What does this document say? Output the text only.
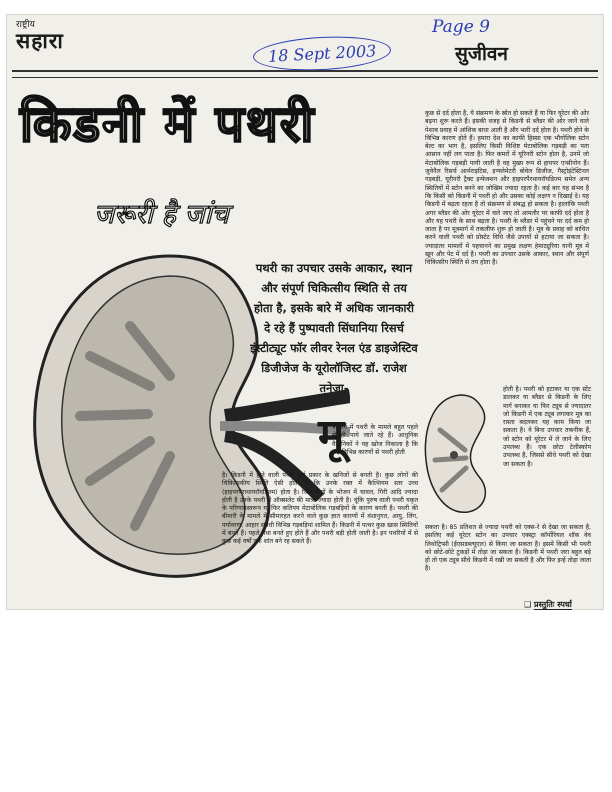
राष्ट्रीय
सहारा
18 Sept 2003
Page 9
सुजीवन
किडनी में पथरी
जरूरी है जांच

पथरी का उपचार उसके आकार, स्थान और संपूर्ण चिकित्सीय स्थिति से तय होता है, इसके बारे में अधिक जानकारी दे रहे हैं पुष्पावती सिंघानिया रिसर्च इंस्टीट्यूट फॉर लीवर रेनल एंड डाइजेस्टिव डिजीजेज के यूरोलॉजिस्ट डॉ. राजेश तनेजा-

कुछ से दर्द होता है, ये संक्रमण के स्रोत हो सकते हैं या फिर यूरेटर की ओर बढ़ना शुरू करते हैं। इसकी वजह से किडनी से ब्लैडर की ओर जाने वाले पेशाब प्रवाह में आंशिक बाधा आती है और भारी दर्द होता है। पथरी होने के विभिन्न कारण होते हैं। हमारा देश का काफी हिस्सा एक भौगोलिक स्टोन बेल्ट का भाग है, इसलिए किसी विशिष्ट मेटाबोलिक गड़बड़ी का पता आसान नहीं लग पाता है। फिर कमरों में यूरिनरी स्टोन होता है, उनमें जो मेटाबोलिक गड़बड़ी पायी जाती है वह मुख्य रूप से हायपर एन्सीनोन हैं। जुवेनैल रिसर्च आर्थराइटिस, इन्फ्लेमेटरी बोवेल डिजीज, गैस्ट्रोइंटेस्टिनल गड़बड़ी, यूरीनरी ट्रैक्ट इन्फेक्शन और हाइपरपैरथायरॉयडिज्म समेत अन्य स्थितियों में स्टोन बनने का जोखिम ज्यादा रहता है। कई बार यह संभव है कि किसी को किडनी में पथरी हो और उसका कोई लक्षण न दिखाई दे। यह किडनी में बढ़ता रहता है तो संक्रमण से संबद्ध हो सकता है। हालांकि पथरी अगर ब्लैडर की ओर यूरेटर में चले जाए तो आमतौर पर काफी दर्द होता है और यह पथरी के साथ बढ़ता है। पथरी के ब्लैडर में पहुंचने पर दर्द कम हो जाता है पर मूत्रमार्ग में तकलीफ शुरू हो जाती है। मूत्र के प्रवाह को बाधित करने वाली पथरी को प्रोस्टेट विधि जैसे उपायों से हटाया जा सकता है। ज्यादातर मामलों में पहचानने का प्रमुख लक्षण हेमाट्यूरिया यानी मूत्र में खून और पेट में दर्द है। पथरी का उपचार उसके आकार, स्थान और संपूर्ण चिकित्सीय स्थिति से तय होता है।

मू

त्र मार्ग में पथरी के मामले बहुत पहले से ही पाये जाते रहे हैं। आधुनिक वैज्ञानिकों ने यह खोज निकाला है कि कई विभिन्न कारणों से पथरी होती

है। किडनी में होने वाली पथरी कई प्रकार के खनिजों से बनती है। कुछ लोगों की चिकित्सकीय स्थिति ऐसी होती है कि उनके रक्त में कैल्शियम स्तर उच्च (हाइपरपैराथायरॉयडिज्म) होता है। जिन लोगों के भोजन में चावल, गिरी आदि ज्यादा होती है उनके पथरी में ऑक्सलेट की मात्रा ज्यादा होती है। चूंकि पुरुष वाली पथरी यकृत के परिणामस्वरूप या फिर कतिपय मेटाबोलिक गड़बड़ियों के कारण बनती है। पथरी की बीमारी के मामले में सीमारहत करने वाले कुछ ज्ञात कारणों में वंशानुगत, आयु, लिंग, पर्यावरण, आहार संबंधी विभिन्न गड़बड़ियां शामिल हैं। किडनी में पत्थर कुछ खास स्थितियों में बनते हैं। पहले तथा बनते हुए होते हैं और पथरी बड़ी होती जाती है। इन पथरियों में से कुछ कई वर्षों तक शांत बने रह सकते हैं।

होती है। पथरी को हटाकर या एक स्टेंट डालकर या ब्लैडर से किडनी के लिए मार्ग बनाकर या फिर ट्यूब से ज्यादातर जो किडनी में एक ट्यूब लगाकर मूत्र का रास्ता बदलकर यह काम किया जा सकता है। ये बिना उपचार तकनीक हैं, जो स्टोन को यूरेटर में ले जाने के लिए उपलब्ध हैं। एक छोटा टेलीस्कोप उपलब्ध है, जिससे सीधे पथरी को देखा जा सकता है।

सकता है। 85 प्रतिशत से ज्यादा पथरी को एक्स-रे से देखा जा सकता है, इसलिए कई यूरेटर स्टोन का उपचार एक्स्ट्रा कॉर्पोरियल शॉक वेव लिथोट्रिप्सी (ईएसडब्ल्यूएल) से किया जा सकता है। इसमें किसी भी पथरी को छोटे-छोटे टुकड़ों में तोड़ा जा सकता है। किडनी में पथरी जरा बहुत बड़े हो तो एक ट्यूब सीधे किडनी में रखी जा सकती है और फिर इन्हें तोड़ा जाता है।

❑ प्रस्तुतिः स्पर्धा
